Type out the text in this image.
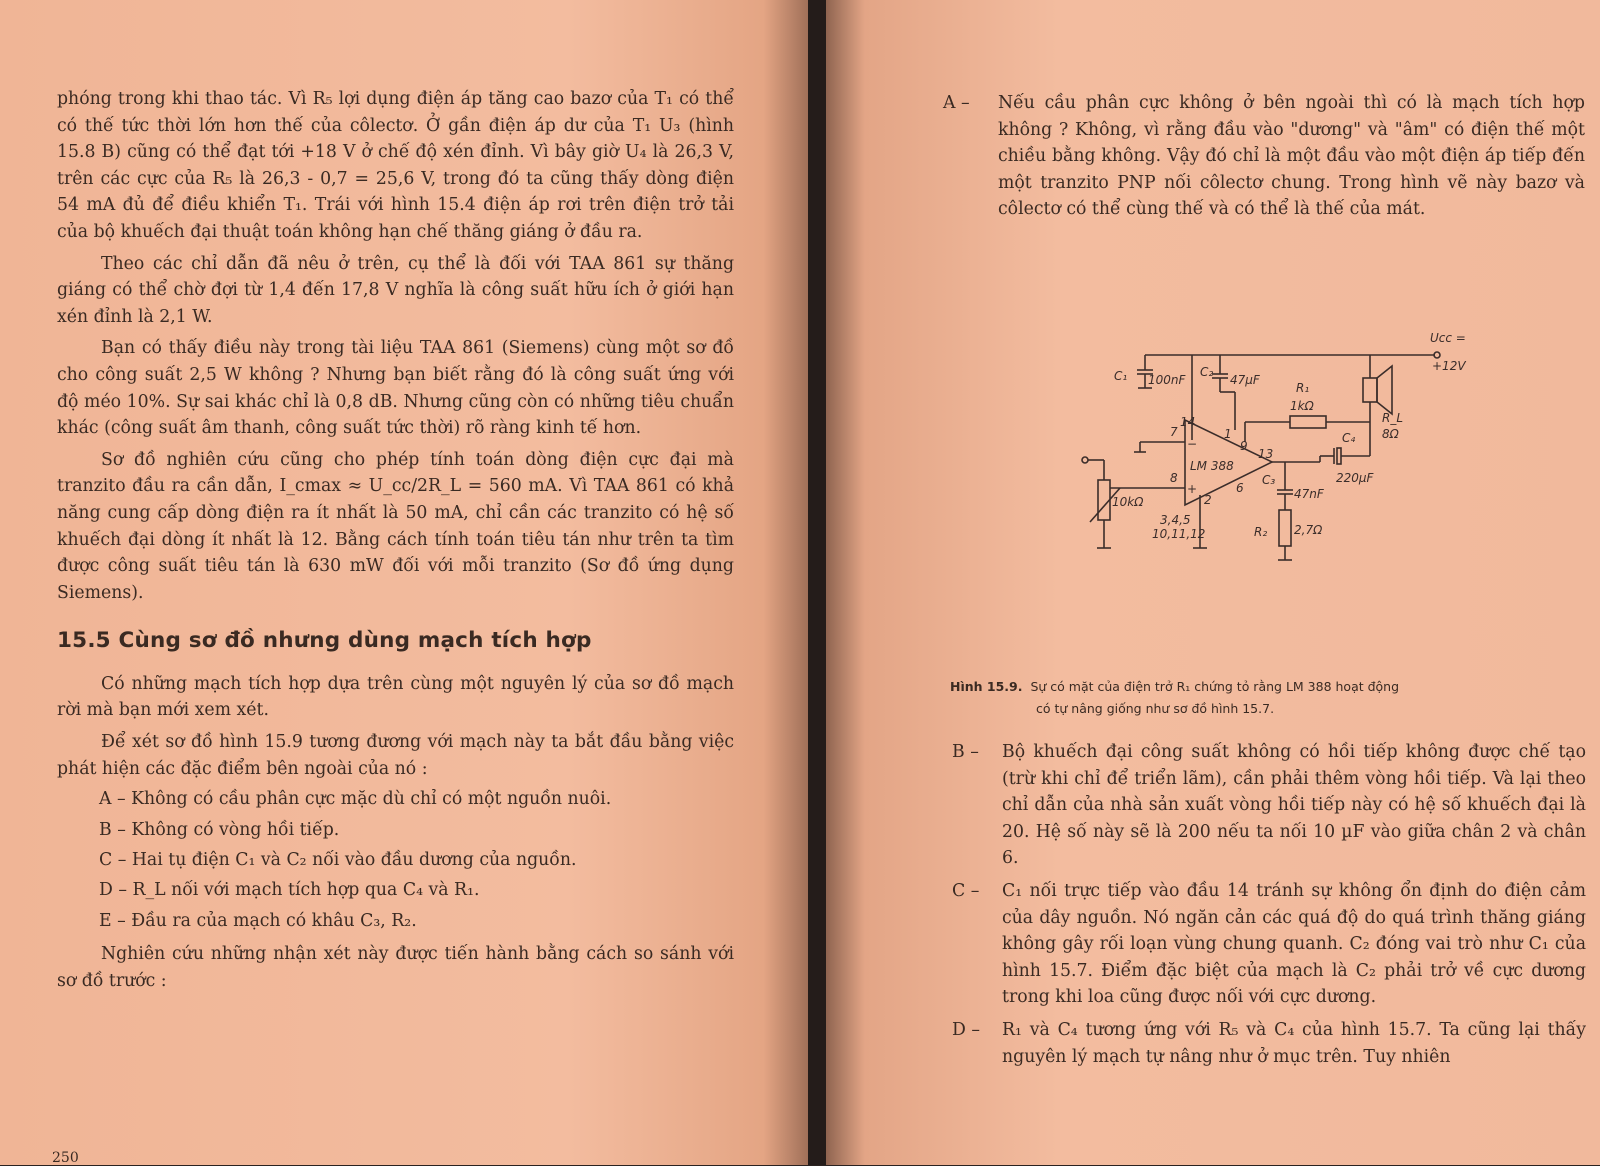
phóng trong khi thao tác. Vì R₅ lợi dụng điện áp tăng cao bazơ của T₁ có thể có thế tức thời lớn hơn thế của côlectơ. Ở gần điện áp dư của T₁ U₃ (hình 15.8 B) cũng có thể đạt tới +18 V ở chế độ xén đỉnh. Vì bây giờ U₄ là 26,3 V, trên các cực của R₅ là 26,3 - 0,7 = 25,6 V, trong đó ta cũng thấy dòng điện 54 mA đủ để điều khiển T₁. Trái với hình 15.4 điện áp rơi trên điện trở tải của bộ khuếch đại thuật toán không hạn chế thăng giáng ở đầu ra.

Theo các chỉ dẫn đã nêu ở trên, cụ thể là đối với TAA 861 sự thăng giáng có thể chờ đợi từ 1,4 đến 17,8 V nghĩa là công suất hữu ích ở giới hạn xén đỉnh là 2,1 W.

Bạn có thấy điều này trong tài liệu TAA 861 (Siemens) cùng một sơ đồ cho công suất 2,5 W không ? Nhưng bạn biết rằng đó là công suất ứng với độ méo 10%. Sự sai khác chỉ là 0,8 dB. Nhưng cũng còn có những tiêu chuẩn khác (công suất âm thanh, công suất tức thời) rõ ràng kinh tế hơn.

Sơ đồ nghiên cứu cũng cho phép tính toán dòng điện cực đại mà tranzito đầu ra cần dẫn, I_cmax ≈ U_cc/2R_L = 560 mA. Vì TAA 861 có khả năng cung cấp dòng điện ra ít nhất là 50 mA, chỉ cần các tranzito có hệ số khuếch đại dòng ít nhất là 12. Bằng cách tính toán tiêu tán như trên ta tìm được công suất tiêu tán là 630 mW đối với mỗi tranzito (Sơ đồ ứng dụng Siemens).

15.5 Cùng sơ đồ nhưng dùng mạch tích hợp

Có những mạch tích hợp dựa trên cùng một nguyên lý của sơ đồ mạch rời mà bạn mới xem xét.

Để xét sơ đồ hình 15.9 tương đương với mạch này ta bắt đầu bằng việc phát hiện các đặc điểm bên ngoài của nó :

A – Không có cầu phân cực mặc dù chỉ có một nguồn nuôi.

B – Không có vòng hồi tiếp.

C – Hai tụ điện C₁ và C₂ nối vào đầu dương của nguồn.

D – R_L nối với mạch tích hợp qua C₄ và R₁.

E – Đầu ra của mạch có khâu C₃, R₂.

Nghiên cứu những nhận xét này được tiến hành bằng cách so sánh với sơ đồ trước :

250
A –	Nếu cầu phân cực không ở bên ngoài thì có là mạch tích hợp không ? Không, vì rằng đầu vào "dương" và "âm" có điện thế một chiều bằng không. Vậy đó chỉ là một đầu vào một điện áp tiếp đến một tranzito PNP nối côlectơ chung. Trong hình vẽ này bazơ và côlectơ có thể cùng thế và có thể là thế của mát.
Ucc =
+12V
C₁ 100nF
C₂
47µF
14
1
LM 388
−
+
7
9
R₁
1kΩ
R_L
8Ω
13
C₄
220µF
C₃
47nF
R₂ 2,7Ω
10kΩ
8
2
6
3,4,5
10,11,12
Hình 15.9. Sự có mặt của điện trở R₁ chứng tỏ rằng LM 388 hoạt động
có tự nâng giống như sơ đồ hình 15.7.
B –	Bộ khuếch đại công suất không có hồi tiếp không được chế tạo (trừ khi chỉ để triển lãm), cần phải thêm vòng hồi tiếp. Và lại theo chỉ dẫn của nhà sản xuất vòng hồi tiếp này có hệ số khuếch đại là 20. Hệ số này sẽ là 200 nếu ta nối 10 µF vào giữa chân 2 và chân 6.
C –	C₁ nối trực tiếp vào đầu 14 tránh sự không ổn định do điện cảm của dây nguồn. Nó ngăn cản các quá độ do quá trình thăng giáng không gây rối loạn vùng chung quanh. C₂ đóng vai trò như C₁ của hình 15.7. Điểm đặc biệt của mạch là C₂ phải trở về cực dương trong khi loa cũng được nối với cực dương.
D –	R₁ và C₄ tương ứng với R₅ và C₄ của hình 15.7. Ta cũng lại thấy nguyên lý mạch tự nâng như ở mục trên. Tuy nhiên
